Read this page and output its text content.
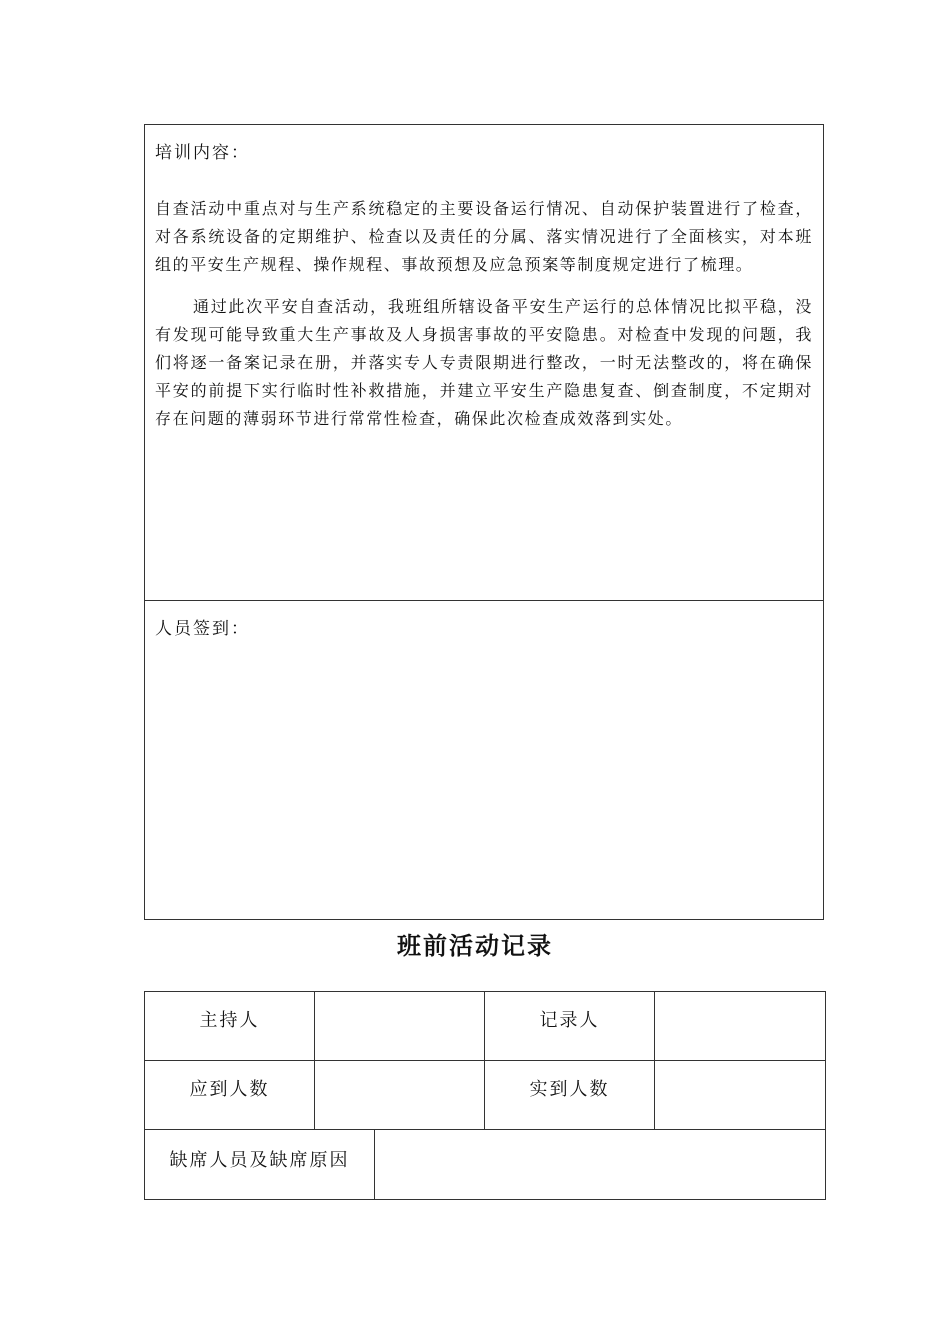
培训内容：

自查活动中重点对与生产系统稳定的主要设备运行情况、自动保护装置进行了检查，对各系统设备的定期维护、检查以及责任的分属、落实情况进行了全面核实，对本班组的平安生产规程、操作规程、事故预想及应急预案等制度规定进行了梳理。

通过此次平安自查活动，我班组所辖设备平安生产运行的总体情况比拟平稳，没有发现可能导致重大生产事故及人身损害事故的平安隐患。对检查中发现的问题，我们将逐一备案记录在册，并落实专人专责限期进行整改，一时无法整改的，将在确保平安的前提下实行临时性补救措施，并建立平安生产隐患复查、倒查制度，不定期对存在问题的薄弱环节进行常常性检查，确保此次检查成效落到实处。

人员签到：

班前活动记录
主持人			记录人	
应到人数			实到人数	
缺席人员及缺席原因				
